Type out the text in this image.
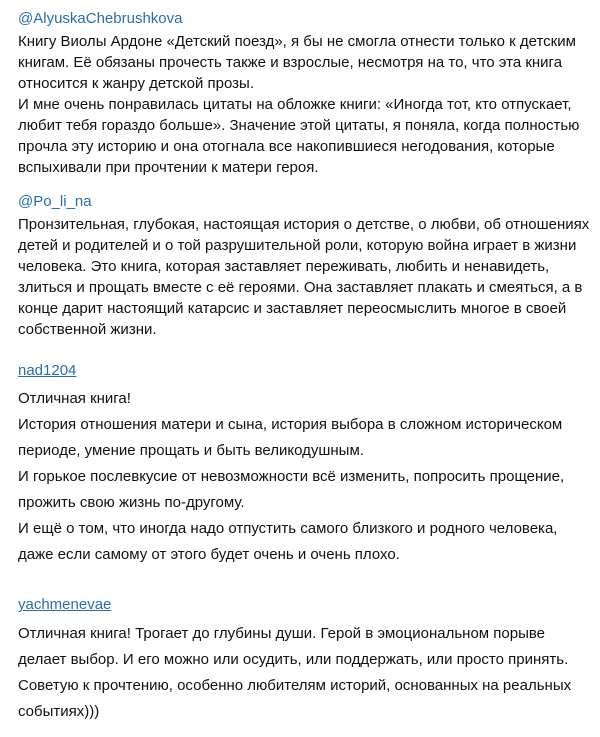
@AlyuskaChebrushkova

Книгу Виолы Ардоне «Детский поезд», я бы не смогла отнести только к детским книгам. Её обязаны прочесть также и взрослые, несмотря на то, что эта книга относится к жанру детской прозы.

И мне очень понравилась цитаты на обложке книги: «Иногда тот, кто отпускает, любит тебя гораздо больше». Значение этой цитаты, я поняла, когда полностью прочла эту историю и она отогнала все накопившиеся негодования, которые вспыхивали при прочтении к матери героя.

@Po_li_na

Пронзительная, глубокая, настоящая история о детстве, о любви, об отношениях детей и родителей и о той разрушительной роли, которую война играет в жизни человека. Это книга, которая заставляет переживать, любить и ненавидеть, злиться и прощать вместе с её героями. Она заставляет плакать и смеяться, а в конце дарит настоящий катарсис и заставляет переосмыслить многое в своей собственной жизни.

nad1204

Отличная книга!

История отношения матери и сына, история выбора в сложном историческом периоде, умение прощать и быть великодушным.

И горькое послевкусие от невозможности всё изменить, попросить прощение, прожить свою жизнь по-другому.

И ещё о том, что иногда надо отпустить самого близкого и родного человека, даже если самому от этого будет очень и очень плохо.

yachmenevae

Отличная книга! Трогает до глубины души. Герой в эмоциональном порыве делает выбор. И его можно или осудить, или поддержать, или просто принять. Советую к прочтению, особенно любителям историй, основанных на реальных событиях)))
